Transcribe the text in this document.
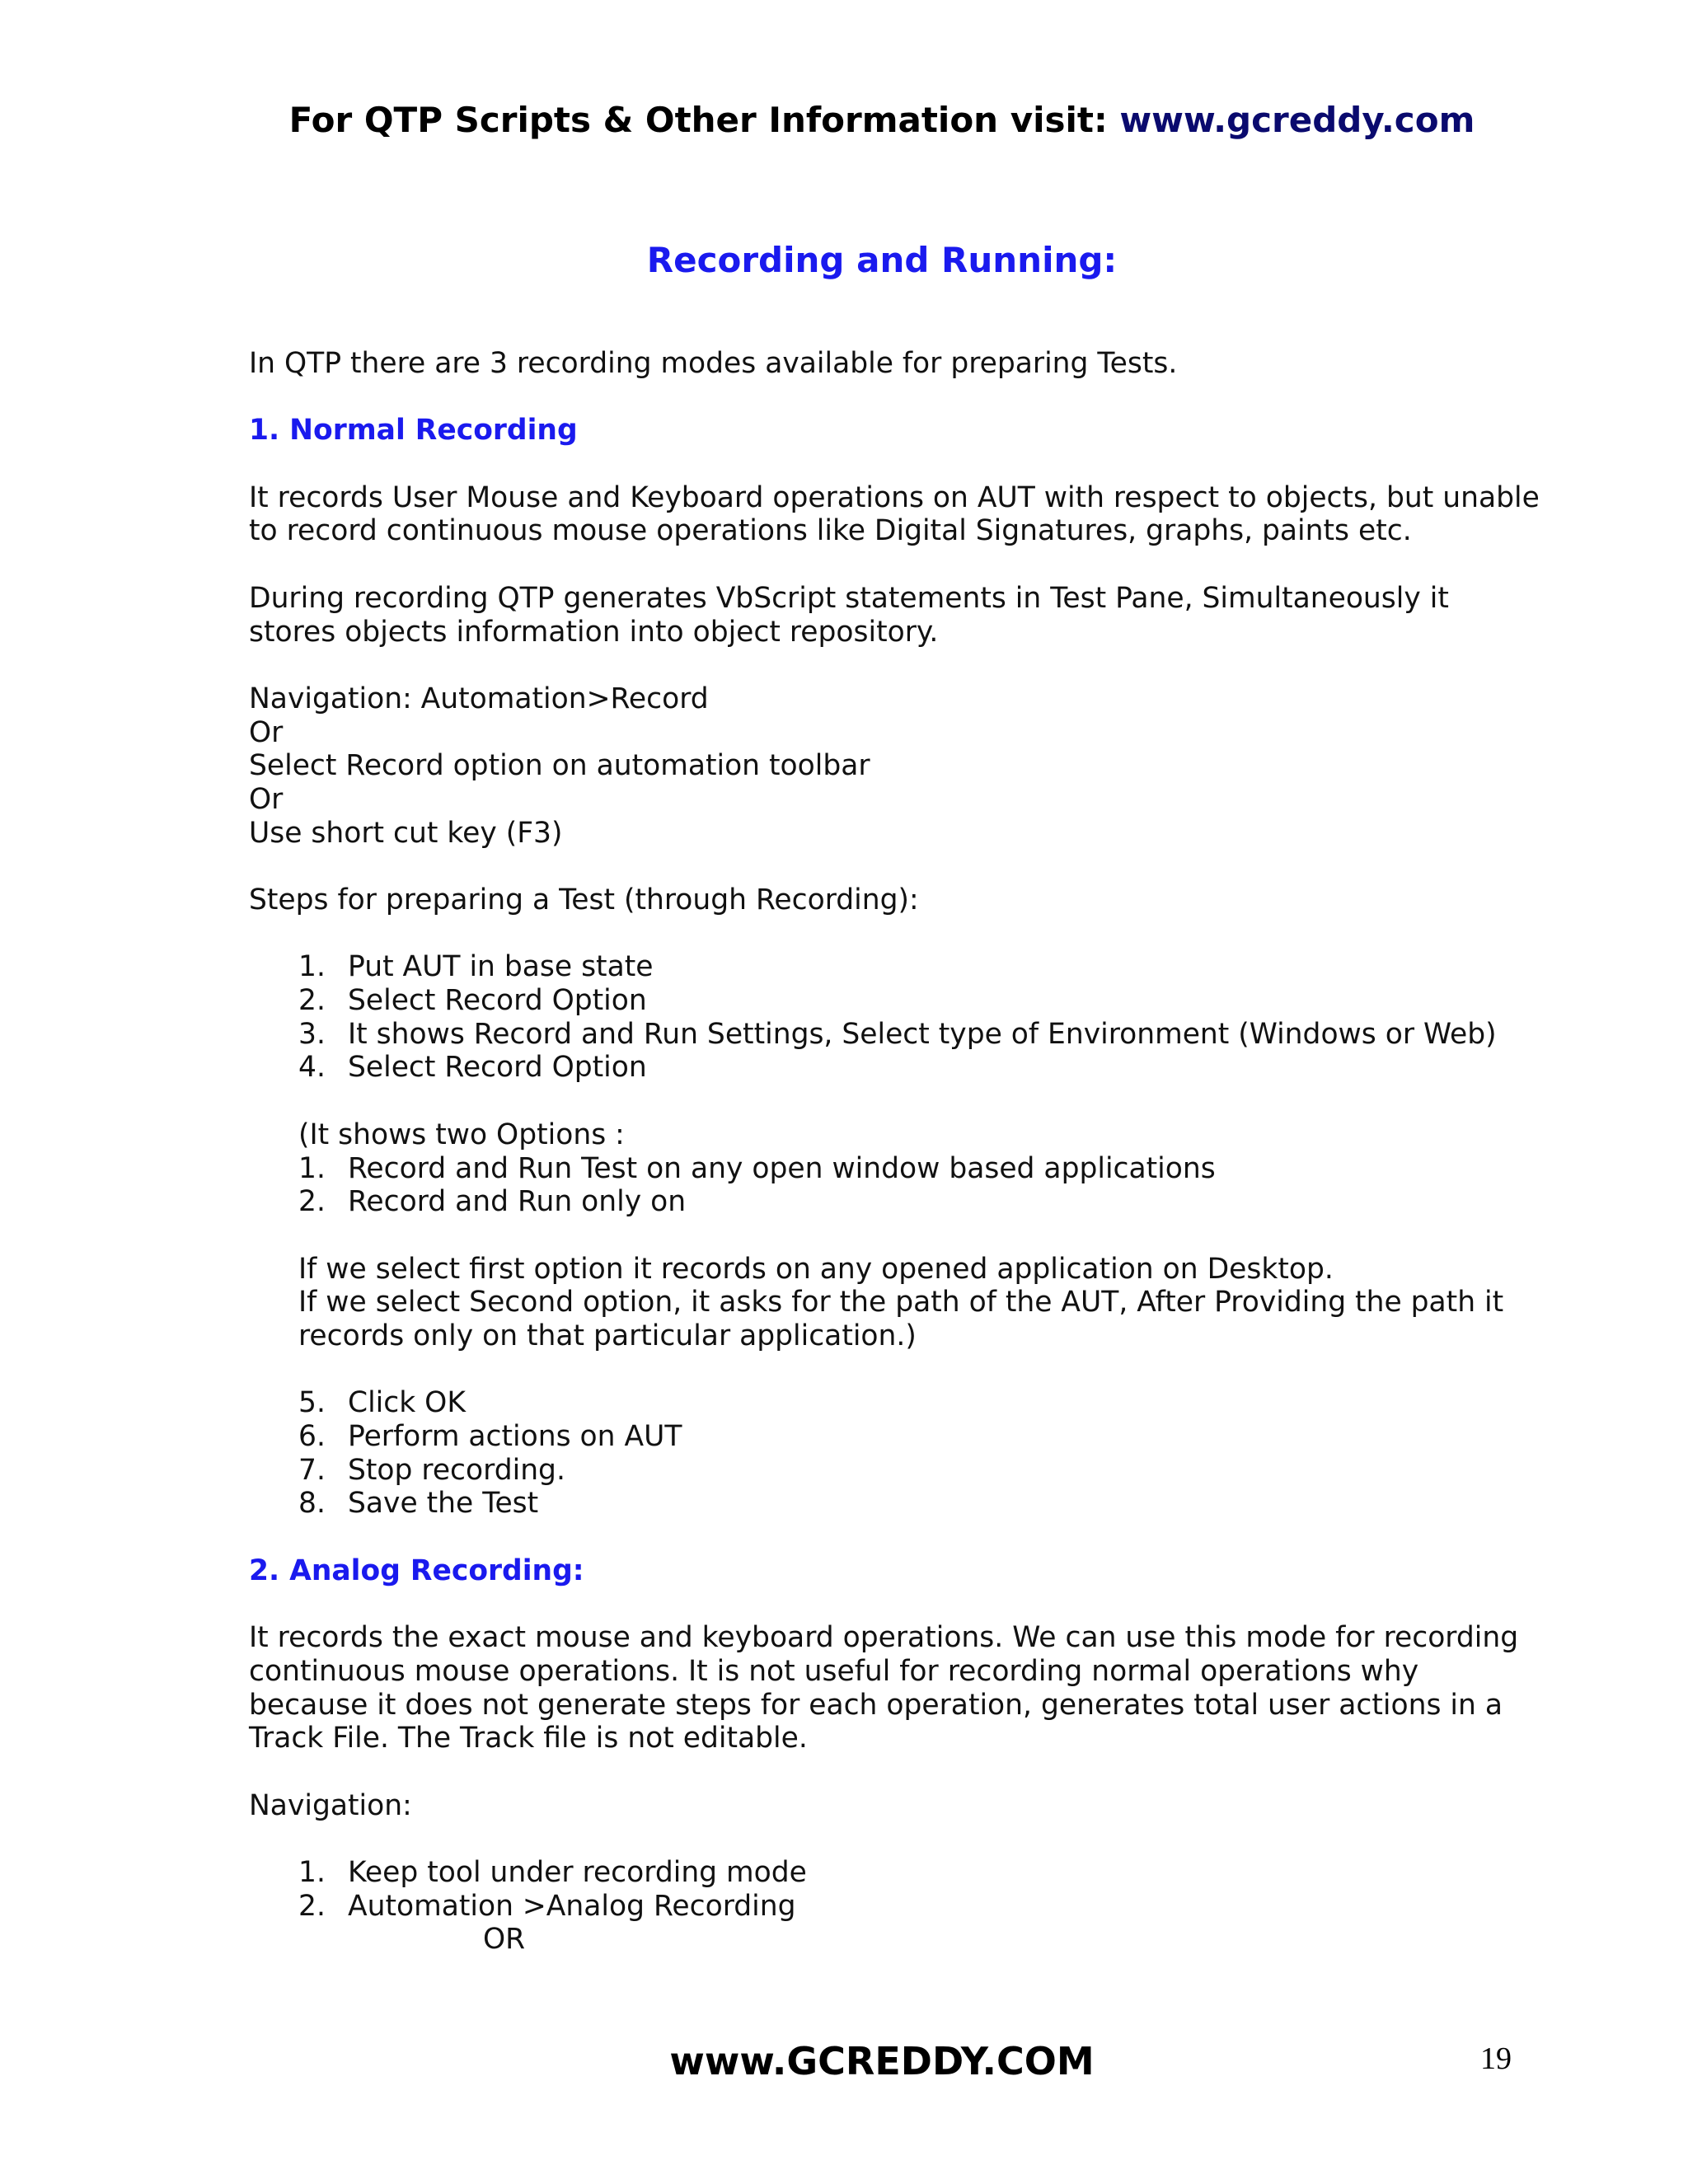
For QTP Scripts & Other Information visit: www.gcreddy.com
Recording and Running:
In QTP there are 3 recording modes available for preparing Tests.
1. Normal Recording
It records User Mouse and Keyboard operations on AUT with respect to objects, but unable
to record continuous mouse operations like Digital Signatures, graphs, paints etc.
During recording QTP generates VbScript statements in Test Pane, Simultaneously it
stores objects information into object repository.
Navigation: Automation>Record
Or
Select Record option on automation toolbar
Or
Use short cut key (F3)
Steps for preparing a Test (through Recording):
1. Put AUT in base state
2. Select Record Option
3. It shows Record and Run Settings, Select type of Environment (Windows or Web)
4. Select Record Option
(It shows two Options :
1. Record and Run Test on any open window based applications
2. Record and Run only on
If we select first option it records on any opened application on Desktop.
If we select Second option, it asks for the path of the AUT, After Providing the path it
records only on that particular application.)
5. Click OK
6. Perform actions on AUT
7. Stop recording.
8. Save the Test
2. Analog Recording:
It records the exact mouse and keyboard operations. We can use this mode for recording
continuous mouse operations. It is not useful for recording normal operations why
because it does not generate steps for each operation, generates total user actions in a
Track File. The Track file is not editable.
Navigation:
1. Keep tool under recording mode
2. Automation >Analog Recording
OR
www.GCREDDY.COM	19
